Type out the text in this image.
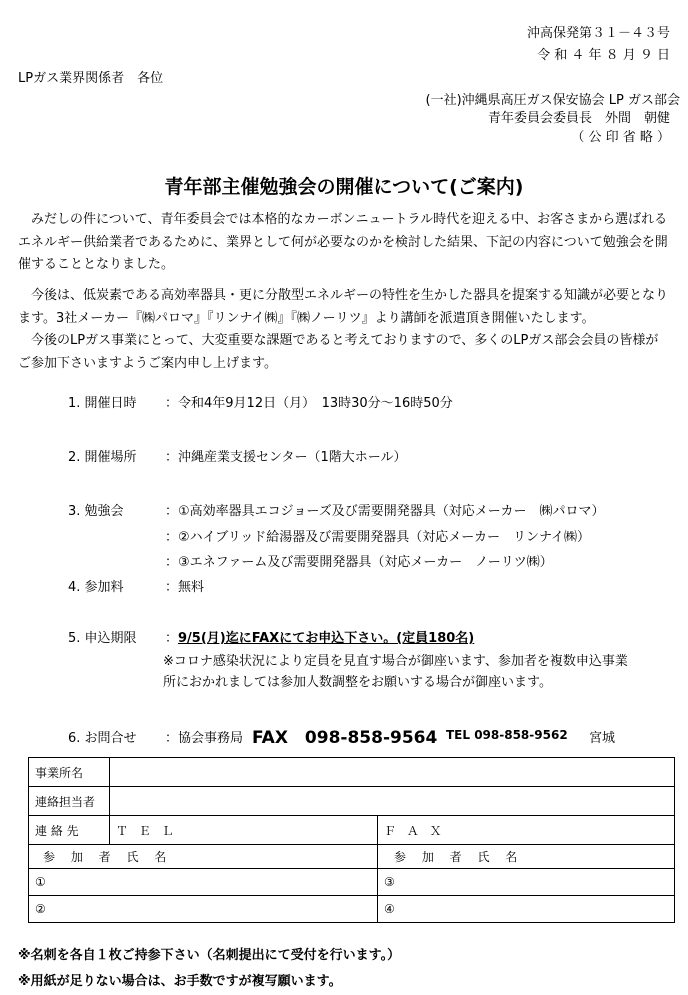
沖高保発第３１－４３号
令 和 ４ 年 ８ 月 ９ 日
LPガス業界関係者　各位
(一社)沖縄県高圧ガス保安協会 LP ガス部会
青年委員会委員長　外間　朝健
（ 公 印 省 略 ）
青年部主催勉強会の開催について(ご案内)
みだしの件について、青年委員会では本格的なカーボンニュートラル時代を迎える中、お客さまから選ばれるエネルギー供給業者であるために、業界として何が必要なのかを検討した結果、下記の内容について勉強会を開催することとなりました。
今後は、低炭素である高効率器具・更に分散型エネルギーの特性を生かした器具を提案する知識が必要となります。3社メーカー『㈱パロマ』『リンナイ㈱』『㈱ノーリツ』より講師を派遣頂き開催いたします。
今後のLPガス事業にとって、大変重要な課題であると考えておりますので、多くのLPガス部会会員の皆様がご参加下さいますようご案内申し上げます。
1. 開催日時 ：令和4年9月12日（月）　13時30分～16時50分
2. 開催場所 ：沖縄産業支援センター（1階大ホール）
3. 勉強会	：①高効率器具エコジョーズ及び需要開発器具（対応メーカー　㈱パロマ）
：②ハイブリッド給湯器及び需要開発器具（対応メーカー　リンナイ㈱）
：③エネファーム及び需要開発器具（対応メーカー　ノーリツ㈱）
4. 参加料	：無料
5. 申込期限 ：9/5(月)迄にFAXにてお申込下さい。(定員180名)
※コロナ感染状況により定員を見直す場合が御座います、参加者を複数申込事業
所におかれましては参加人数調整をお願いする場合が御座います。
6. お問合せ ：協会事務局 FAX　098-858-9564 TEL 098-858-9562 宮城
事業所名		
連絡担当者		
連 絡 先	ＴＥＬ	ＦＡＸ
参 加 者 氏 名		参 加 者 氏 名
①		③
②		④
※名刺を各自１枚ご持参下さい（名刺提出にて受付を行います。）
※用紙が足りない場合は、お手数ですが複写願います。
